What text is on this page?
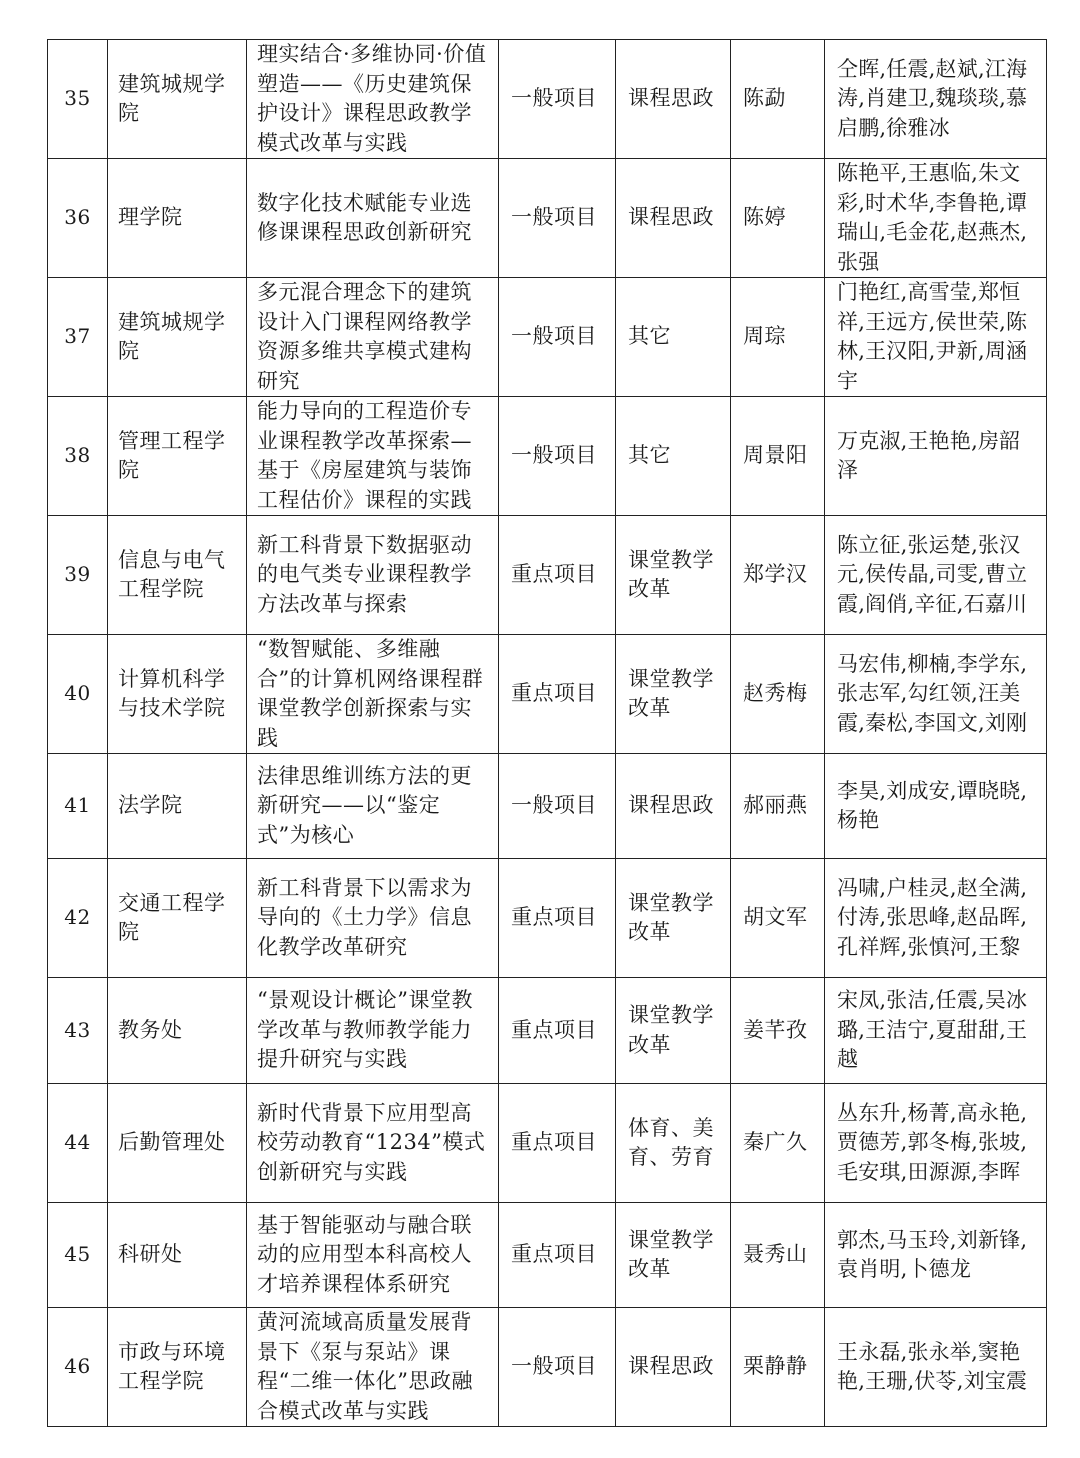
35	建筑城规学院	理实结合·多维协同·价值塑造——《历史建筑保护设计》课程思政教学模式改革与实践	一般项目	课程思政	陈勐	仝晖,任震,赵斌,江海涛,肖建卫,魏琰琰,慕启鹏,徐雅冰
36	理学院	数字化技术赋能专业选修课课程思政创新研究	一般项目	课程思政	陈婷	陈艳平,王惠临,朱文彩,时术华,李鲁艳,谭瑞山,毛金花,赵燕杰,张强
37	建筑城规学院	多元混合理念下的建筑设计入门课程网络教学资源多维共享模式建构研究	一般项目	其它	周琮	门艳红,高雪莹,郑恒祥,王远方,侯世荣,陈林,王汉阳,尹新,周涵宇
38	管理工程学院	能力导向的工程造价专业课程教学改革探索—基于《房屋建筑与装饰工程估价》课程的实践	一般项目	其它	周景阳	万克淑,王艳艳,房韶泽
39	信息与电气工程学院	新工科背景下数据驱动的电气类专业课程教学方法改革与探索	重点项目	课堂教学改革	郑学汉	陈立征,张运楚,张汉元,侯传晶,司雯,曹立霞,阎俏,辛征,石嘉川
40	计算机科学与技术学院	“数智赋能、多维融合”的计算机网络课程群课堂教学创新探索与实践	重点项目	课堂教学改革	赵秀梅	马宏伟,柳楠,李学东,张志军,勾红领,汪美霞,秦松,李国文,刘刚
41	法学院	法律思维训练方法的更新研究——以“鉴定式”为核心	一般项目	课程思政	郝丽燕	李昊,刘成安,谭晓晓,杨艳
42	交通工程学院	新工科背景下以需求为导向的《土力学》信息化教学改革研究	重点项目	课堂教学改革	胡文军	冯啸,户桂灵,赵全满,付涛,张思峰,赵品晖,孔祥辉,张慎河,王黎
43	教务处	“景观设计概论”课堂教学改革与教师教学能力提升研究与实践	重点项目	课堂教学改革	姜芊孜	宋凤,张洁,任震,吴冰璐,王洁宁,夏甜甜,王越
44	后勤管理处	新时代背景下应用型高校劳动教育“1234”模式创新研究与实践	重点项目	体育、美育、劳育	秦广久	丛东升,杨菁,高永艳,贾德芳,郭冬梅,张坡,毛安琪,田源源,李晖
45	科研处	基于智能驱动与融合联动的应用型本科高校人才培养课程体系研究	重点项目	课堂教学改革	聂秀山	郭杰,马玉玲,刘新锋,袁肖明,卜德龙
46	市政与环境工程学院	黄河流域高质量发展背景下《泵与泵站》课程“二维一体化”思政融合模式改革与实践	一般项目	课程思政	栗静静	王永磊,张永举,窦艳艳,王珊,伏苓,刘宝震
